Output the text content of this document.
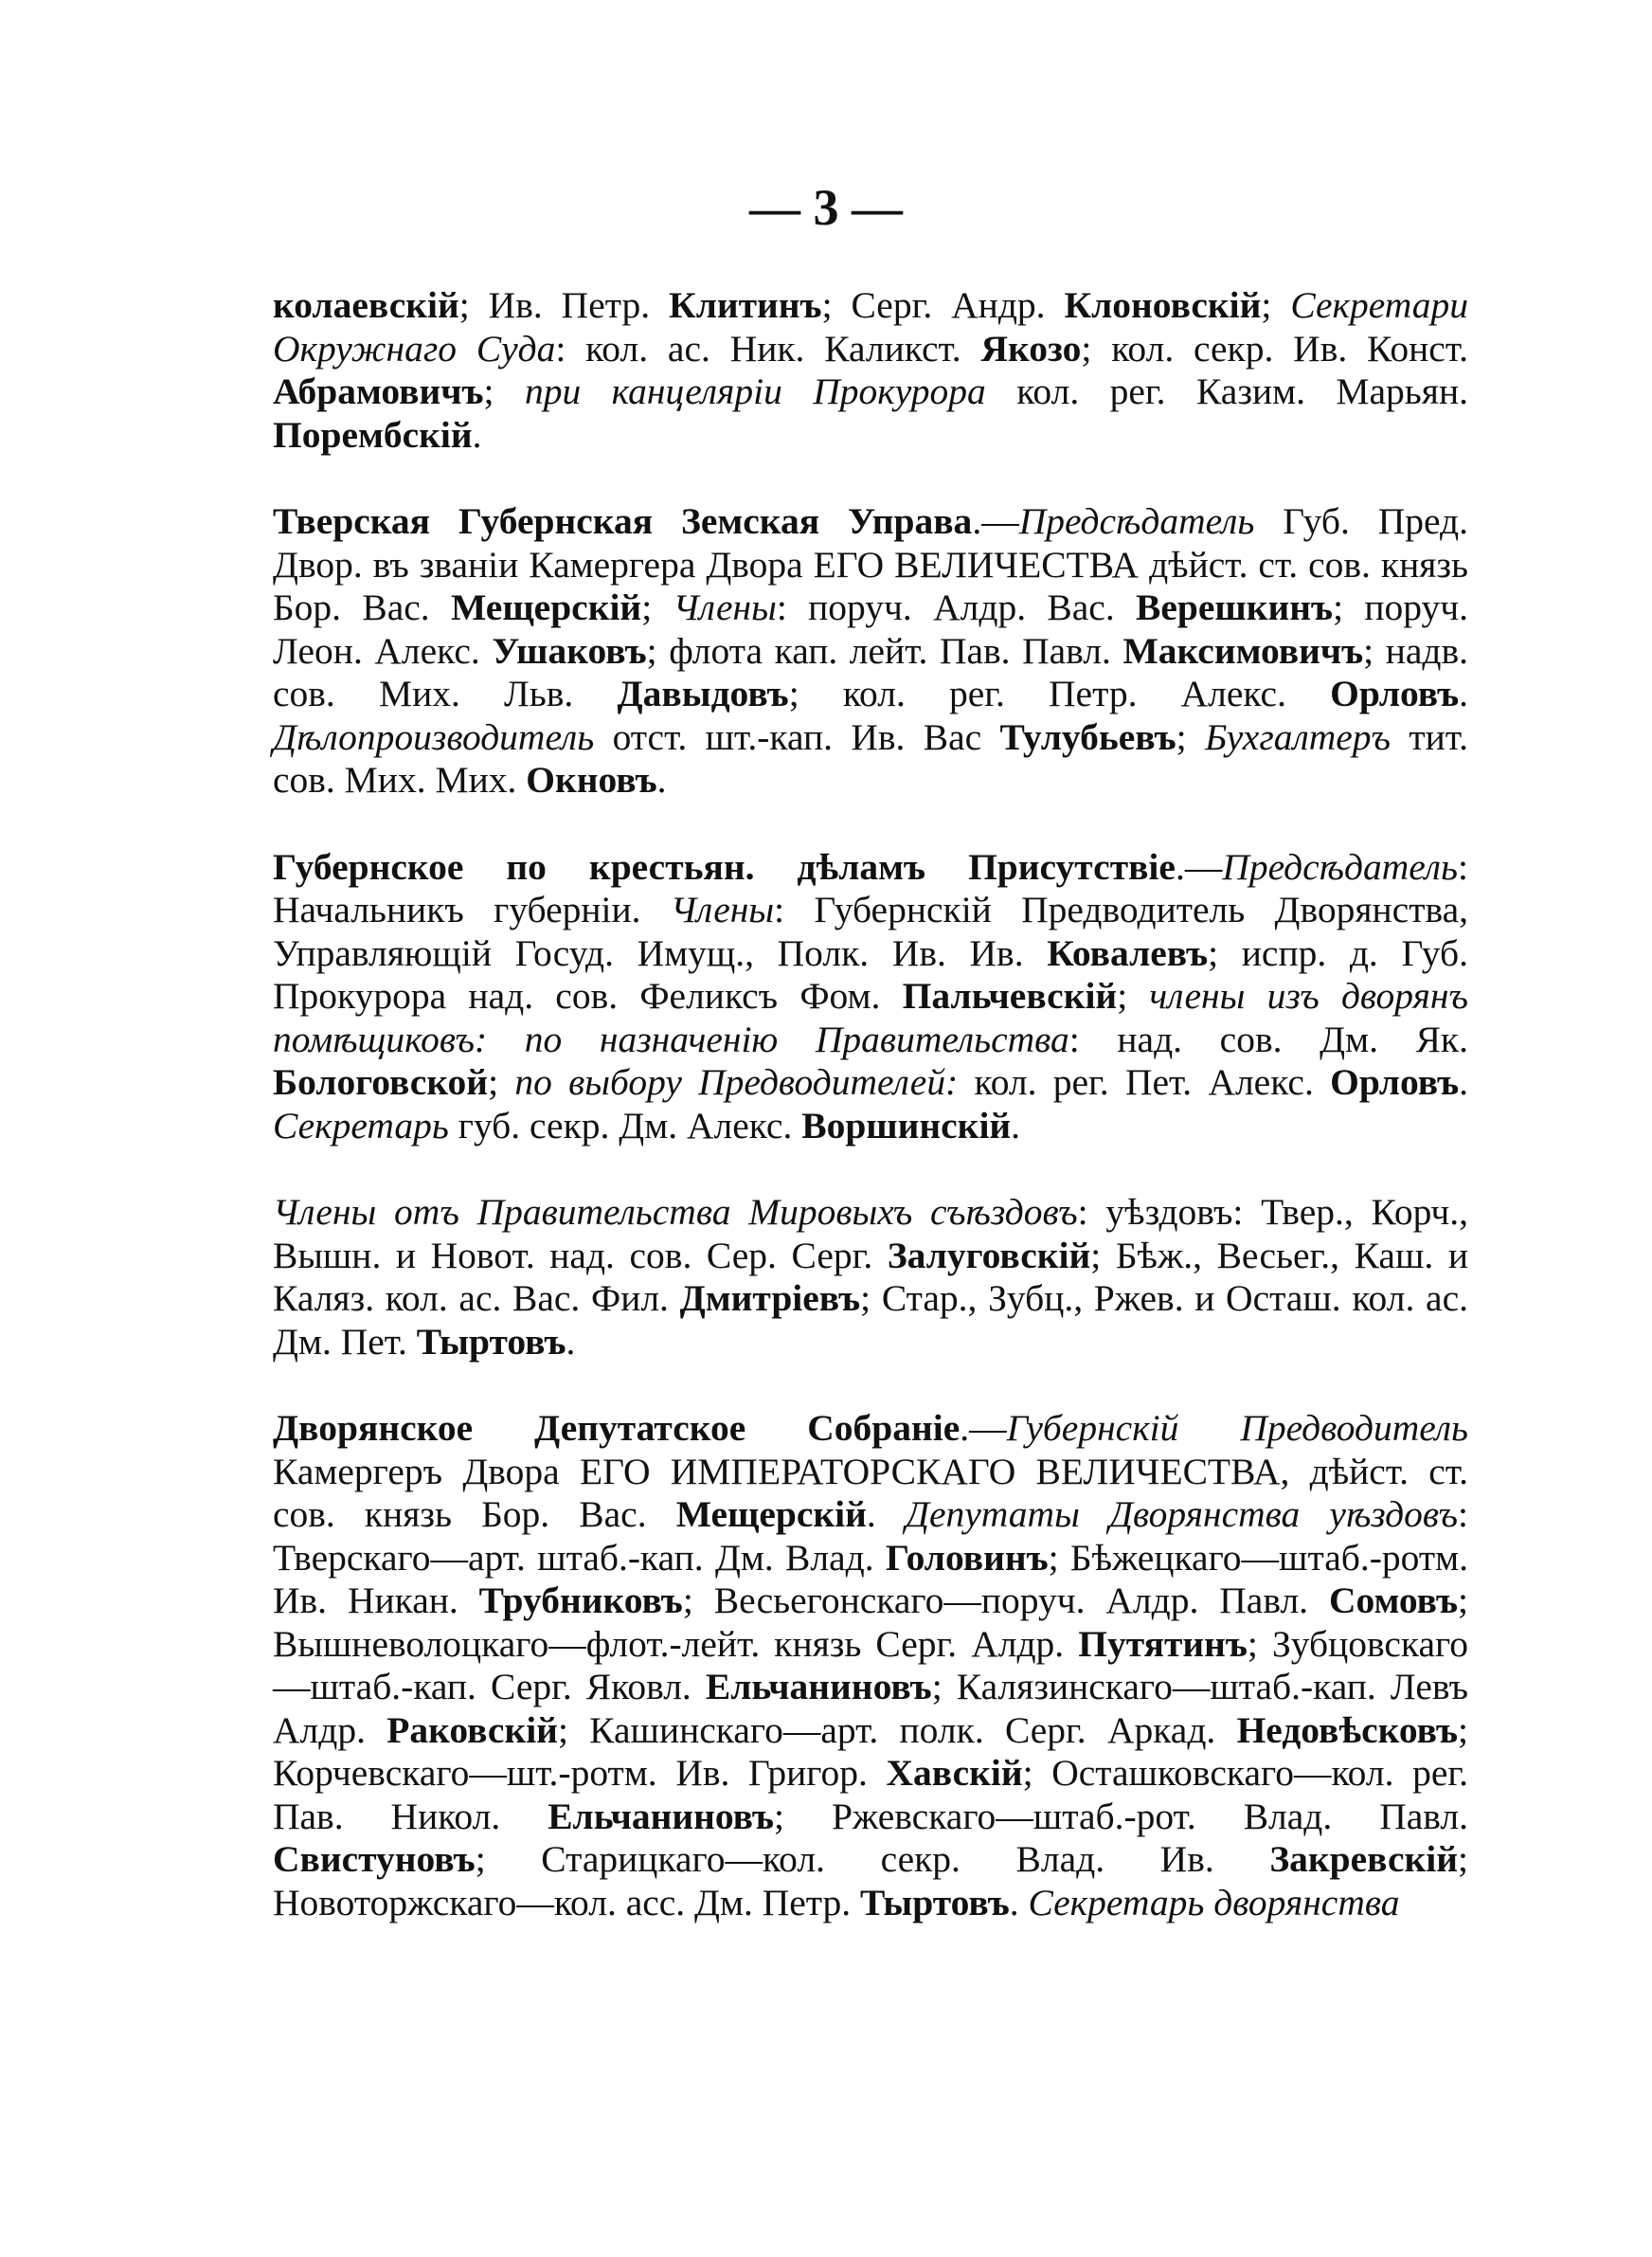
— 3 —

колаевскій; Ив. Петр. Клитинъ; Серг. Андр. Клоновскій; Секретари Окружнаго Суда: кол. ас. Ник. Каликст. Якозо; кол. секр. Ив. Конст. Абрамовичъ; при канцеляріи Прокурора кол. рег. Казим. Марьян. Порембскій.

Тверская Губернская Земская Управа.—Предсѣдатель Губ. Пред. Двор. въ званіи Камергера Двора ЕГО ВЕЛИЧЕСТВА дѣйст. ст. сов. князь Бор. Вас. Мещерскій; Члены: поруч. Алдр. Вас. Верешкинъ; поруч. Леон. Алекс. Ушаковъ; флота кап. лейт. Пав. Павл. Максимовичъ; надв. сов. Мих. Льв. Давыдовъ; кол. рег. Петр. Алекс. Орловъ. Дѣлопроизводитель отст. шт.-кап. Ив. Вас Тулубьевъ; Бухгалтеръ тит. сов. Мих. Мих. Окновъ.

Губернское по крестьян. дѣламъ Присутствіе.—Предсѣдатель: Начальникъ губерніи. Члены: Губернскій Предводитель Дворянства, Управляющій Госуд. Имущ., Полк. Ив. Ив. Ковалевъ; испр. д. Губ. Прокурора над. сов. Феликсъ Фом. Пальчевскій; члены изъ дворянъ помѣщиковъ: по назначенію Правительства: над. сов. Дм. Як. Бологовской; по выбору Предводителей: кол. рег. Пет. Алекс. Орловъ. Секретарь губ. секр. Дм. Алекс. Воршинскій.

Члены отъ Правительства Мировыхъ съѣздовъ: уѣздовъ: Твер., Корч., Вышн. и Новот. над. сов. Сер. Серг. Залуговскій; Бѣж., Весьег., Каш. и Каляз. кол. ас. Вас. Фил. Дмитріевъ; Стар., Зубц., Ржев. и Осташ. кол. ас. Дм. Пет. Тыртовъ.

Дворянское Депутатское Собраніе.—Губернскій Предводитель Камергеръ Двора ЕГО ИМПЕРАТОРСКАГО ВЕЛИЧЕСТВА, дѣйст. ст. сов. князь Бор. Вас. Мещерскій. Депутаты Дворянства уѣздовъ: Тверскаго—арт. штаб.-кап. Дм. Влад. Головинъ; Бѣжецкаго—штаб.-ротм. Ив. Никан. Трубниковъ; Весьегонскаго—поруч. Алдр. Павл. Сомовъ; Вышневолоцкаго—флот.-лейт. князь Серг. Алдр. Путятинъ; Зубцовскаго—штаб.-кап. Серг. Яковл. Ельчаниновъ; Калязинскаго—штаб.-кап. Левъ Алдр. Раковскій; Кашинскаго—арт. полк. Серг. Аркад. Недовѣсковъ; Корчевскаго—шт.-ротм. Ив. Григор. Хавскій; Осташковскаго—кол. рег. Пав. Никол. Ельчаниновъ; Ржевскаго—штаб.-рот. Влад. Павл. Свистуновъ; Старицкаго—кол. секр. Влад. Ив. Закревскій; Новоторжскаго—кол. асс. Дм. Петр. Тыртовъ. Секретарь дворянства
